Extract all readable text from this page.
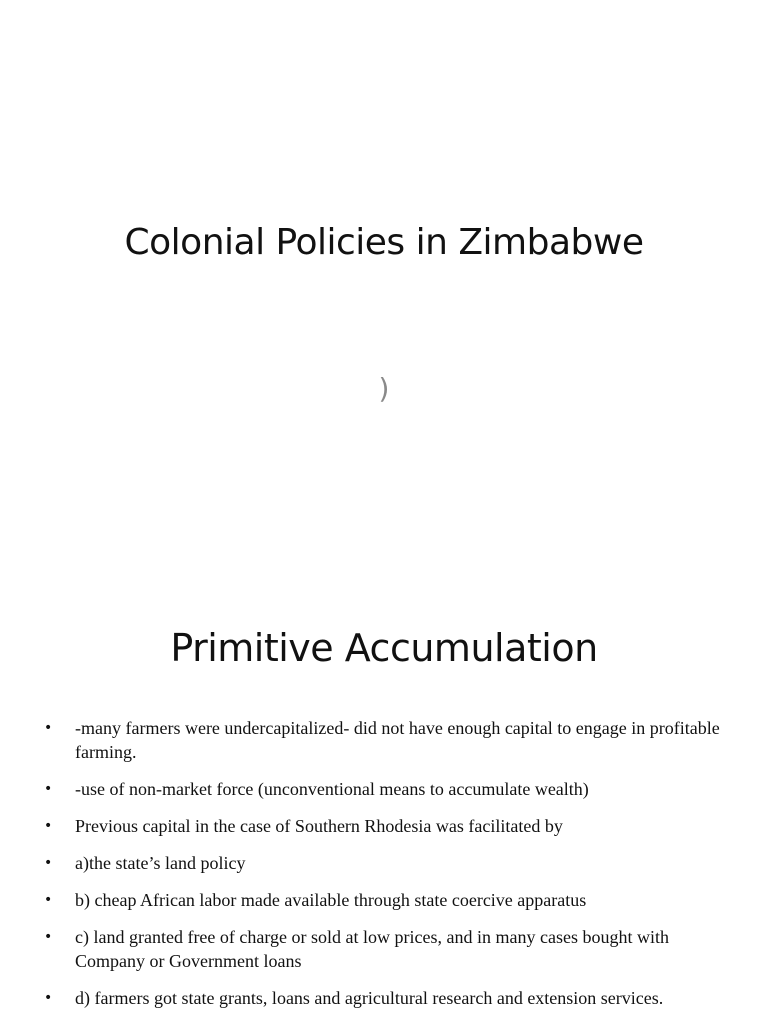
Colonial Policies in Zimbabwe
)
Primitive Accumulation
• -many farmers were undercapitalized- did not have enough capital to engage in profitable farming.
• -use of non-market force (unconventional means to accumulate wealth)
• Previous capital in the case of Southern Rhodesia was facilitated by
• a)the state’s land policy
• b) cheap African labor made available through state coercive apparatus
• c) land granted free of charge or sold at low prices, and in many cases bought with Company or Government loans
• d) farmers got state grants, loans and agricultural research and extension services.
